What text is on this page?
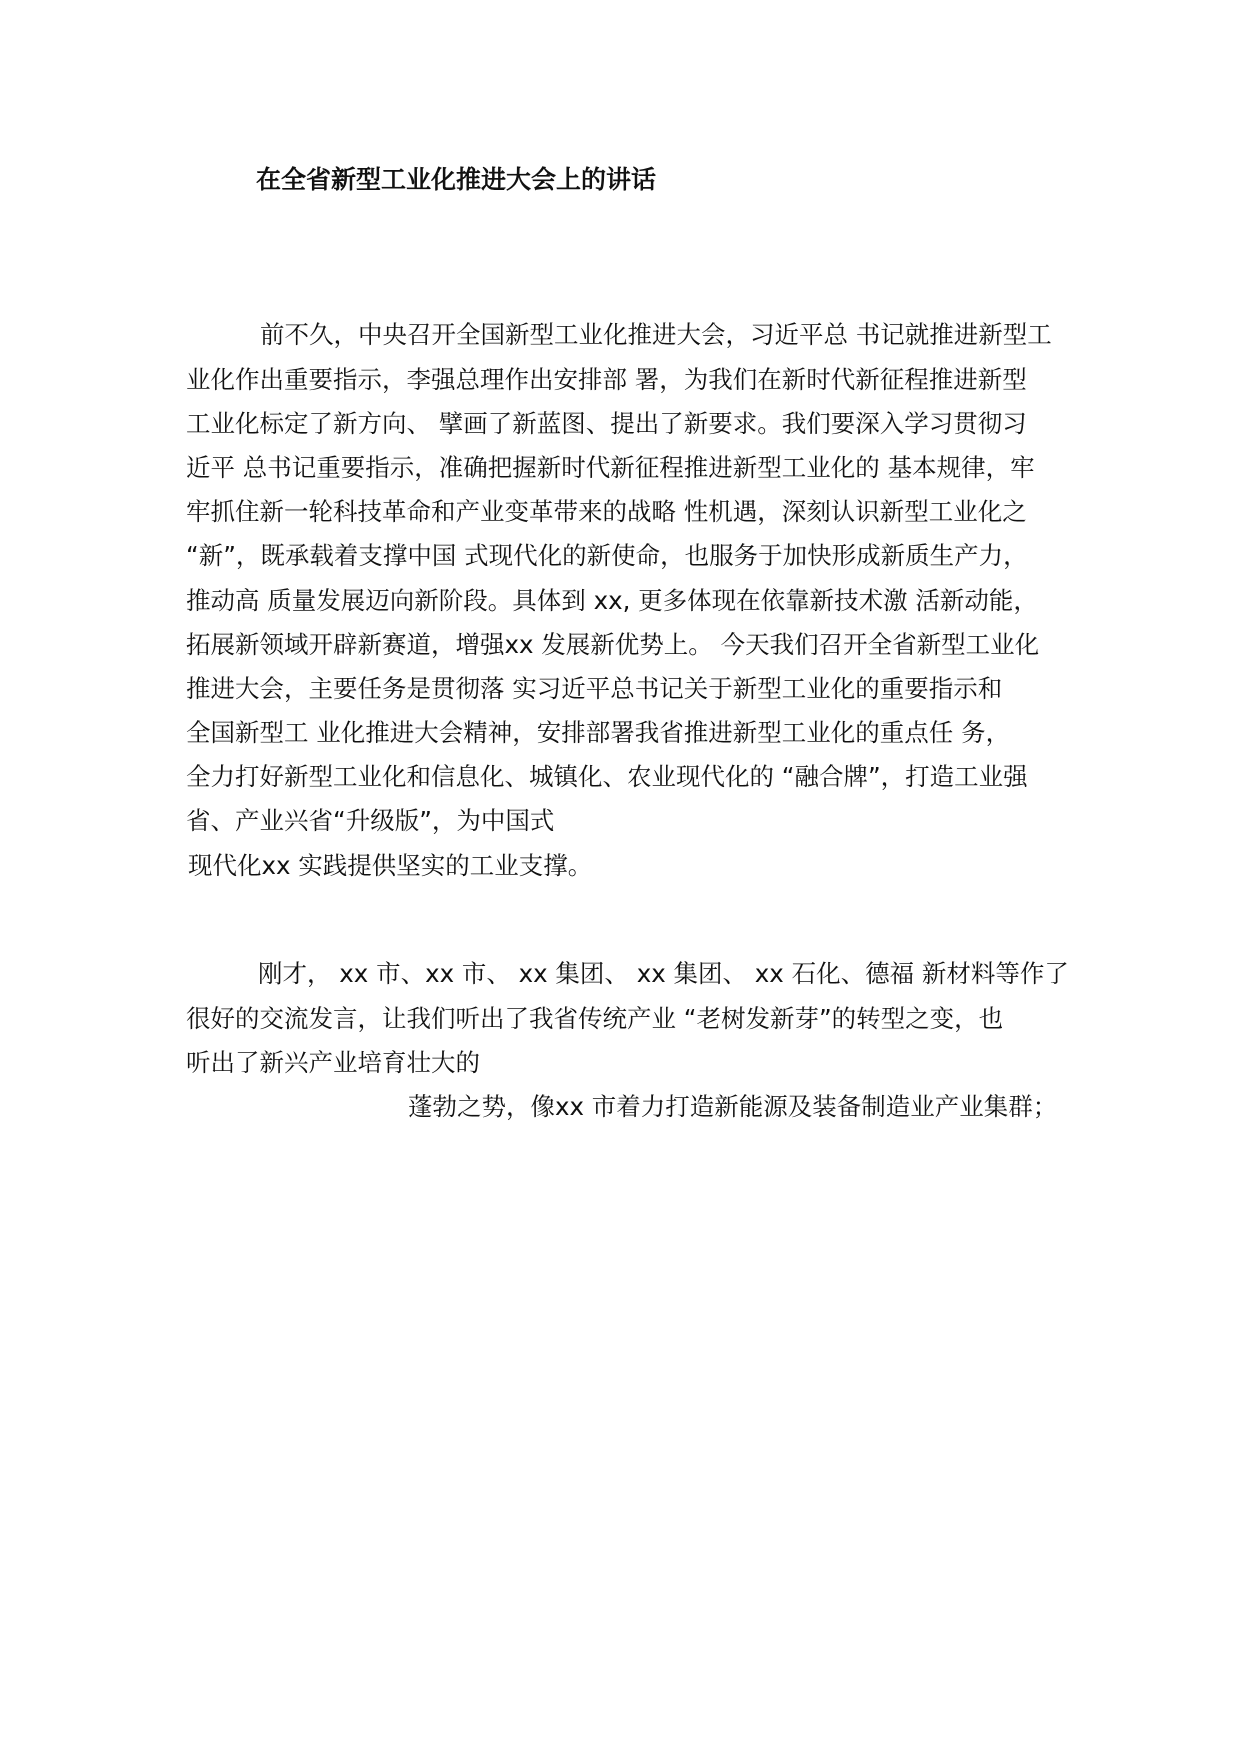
在全省新型工业化推进大会上的讲话
前不久，中央召开全国新型工业化推进大会，习近平总 书记就推进新型工
业化作出重要指示，李强总理作出安排部 署，为我们在新时代新征程推进新型
工业化标定了新方向、 擘画了新蓝图、提出了新要求。我们要深入学习贯彻习
近平 总书记重要指示，准确把握新时代新征程推进新型工业化的 基本规律，牢
牢抓住新一轮科技革命和产业变革带来的战略 性机遇，深刻认识新型工业化之
“新”，既承载着支撑中国 式现代化的新使命，也服务于加快形成新质生产力，
推动高 质量发展迈向新阶段。具体到 xx, 更多体现在依靠新技术激 活新动能，
拓展新领域开辟新赛道，增强xx 发展新优势上。 今天我们召开全省新型工业化
推进大会，主要任务是贯彻落 实习近平总书记关于新型工业化的重要指示和
全国新型工 业化推进大会精神，安排部署我省推进新型工业化的重点任 务，
全力打好新型工业化和信息化、城镇化、农业现代化的 “融合牌”，打造工业强
省、产业兴省“升级版”，为中国式
现代化xx 实践提供坚实的工业支撑。
刚才， xx 市、xx 市、 xx 集团、 xx 集团、 xx 石化、德福 新材料等作了
很好的交流发言，让我们听出了我省传统产业 “老树发新芽”的转型之变，也
听出了新兴产业培育壮大的
蓬勃之势，像xx 市着力打造新能源及装备制造业产业集群；
